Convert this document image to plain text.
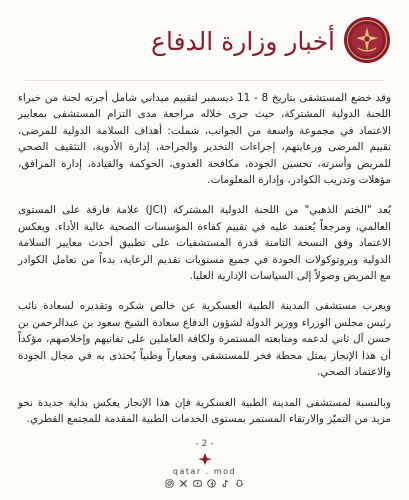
أخبار وزارة الدفاع

وقد خضع المستشفى بتاريخ 8 - 11 ديسمبر لتقييم ميداني شامل أجرته لجنة من خبراء اللجنة الدولية المشتركة، حيث جرى خلاله مراجعة مدى التزام المستشفى بمعايير الاعتماد في مجموعة واسعة من الجوانب، شملت: أهداف السلامة الدولية للمرضى، تقييم المرضى ورعايتهم، إجراءات التخدير والجراحة، إدارة الأدوية، التثقيف الصحي للمريض وأسرته، تحسين الجودة، مكافحة العدوى، الحوكمة والقيادة، إدارة المرافق، مؤهلات وتدريب الكوادر، وإدارة المعلومات.

يُعد "الختم الذهبي" من اللجنة الدولية المشتركة (JCI) علامة فارقة على المستوى العالمي، ومرجعاً يُعتمد عليه في تقييم كفاءة المؤسسات الصحية عالية الأداء. ويعكس الاعتماد وفق النسخة الثامنة قدرة المستشفيات على تطبيق أحدث معايير السلامة الدولية وبروتوكولات الجودة في جميع مستويات تقديم الرعاية، بدءاً من تعامل الكوادر مع المريض وصولاً إلى السياسات الإدارية العليا.

ويعرب مستشفى المدينة الطبية العسكرية عن خالص شكره وتقديره لسعادة نائب رئيس مجلس الوزراء ووزير الدولة لشؤون الدفاع سعادة الشيخ سعود بن عبدالرحمن بن حسن آل ثاني لدعمه ومتابعته المستمرة ولكافة العاملين على تفانيهم وإخلاصهم، مؤكداً أن هذا الإنجاز يمثل محطة فخر للمستشفى ومعياراً وطنياً يُحتذى به في مجال الجودة والاعتماد الصحي.

وبالنسبة لمستشفى المدينة الطبية العسكرية فإن هذا الإنجاز يعكس بداية جديدة نحو مزيد من التميّز والارتقاء المستمر بمستوى الخدمات الطبية المقدمة للمجتمع القطري.

- 2 -
qatar . mod
